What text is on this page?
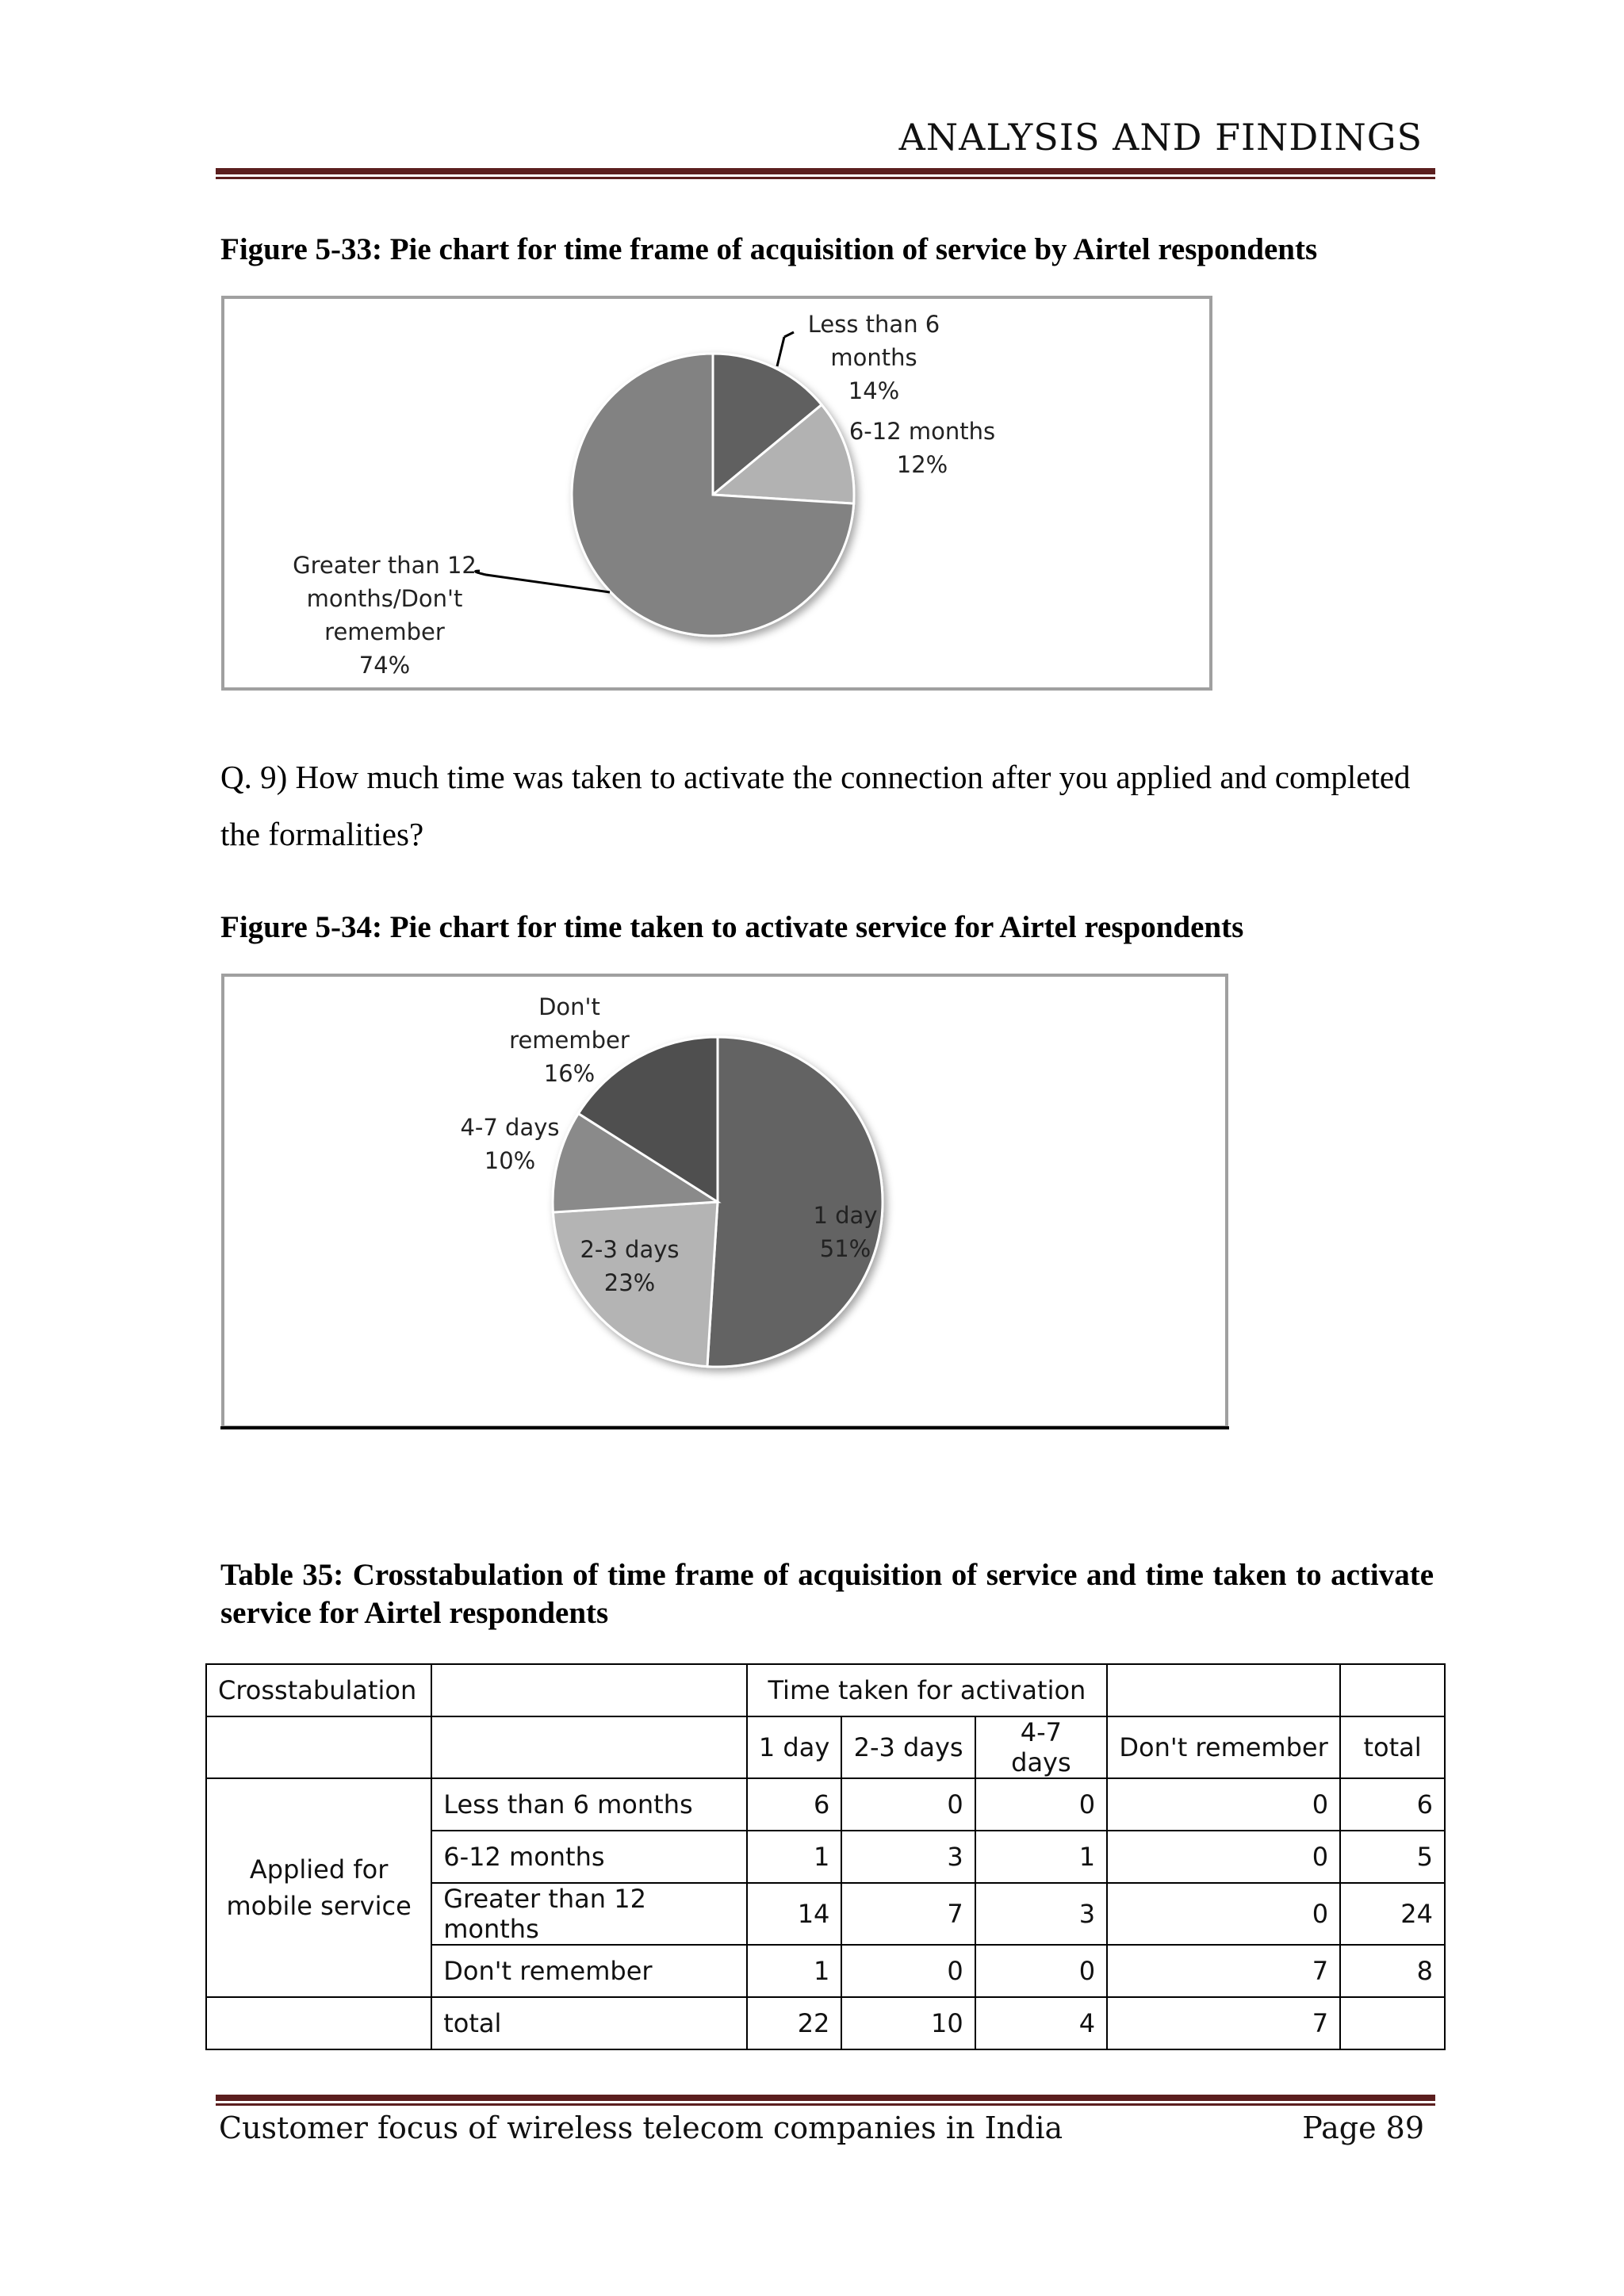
ANALYSIS AND FINDINGS
Figure 5-33: Pie chart for time frame of acquisition of service by Airtel respondents
Less than 6 months 14%
6-12 months 12%
Greater than 12 months/Don't remember 74%
Q. 9) How much time was taken to activate the connection after you applied and completed the formalities?
Figure 5-34: Pie chart for time taken to activate service for Airtel respondents
1 day 51%
2-3 days 23%
4-7 days 10%
Don't remember 16%
Table 35: Crosstabulation of time frame of acquisition of service and time taken to activate service for Airtel respondents
Crosstabulation		Time taken for activation				
		1 day	2-3 days	4-7 days	Don't remember	total
Applied for mobile service	Less than 6 months	6	0	0	0	6
	6-12 months	1	3	1	0	5
	Greater than 12 months	14	7	3	0	24
	Don't remember	1	0	0	7	8
	total	22	10	4	7	
Customer focus of wireless telecom companies in India	Page 89
